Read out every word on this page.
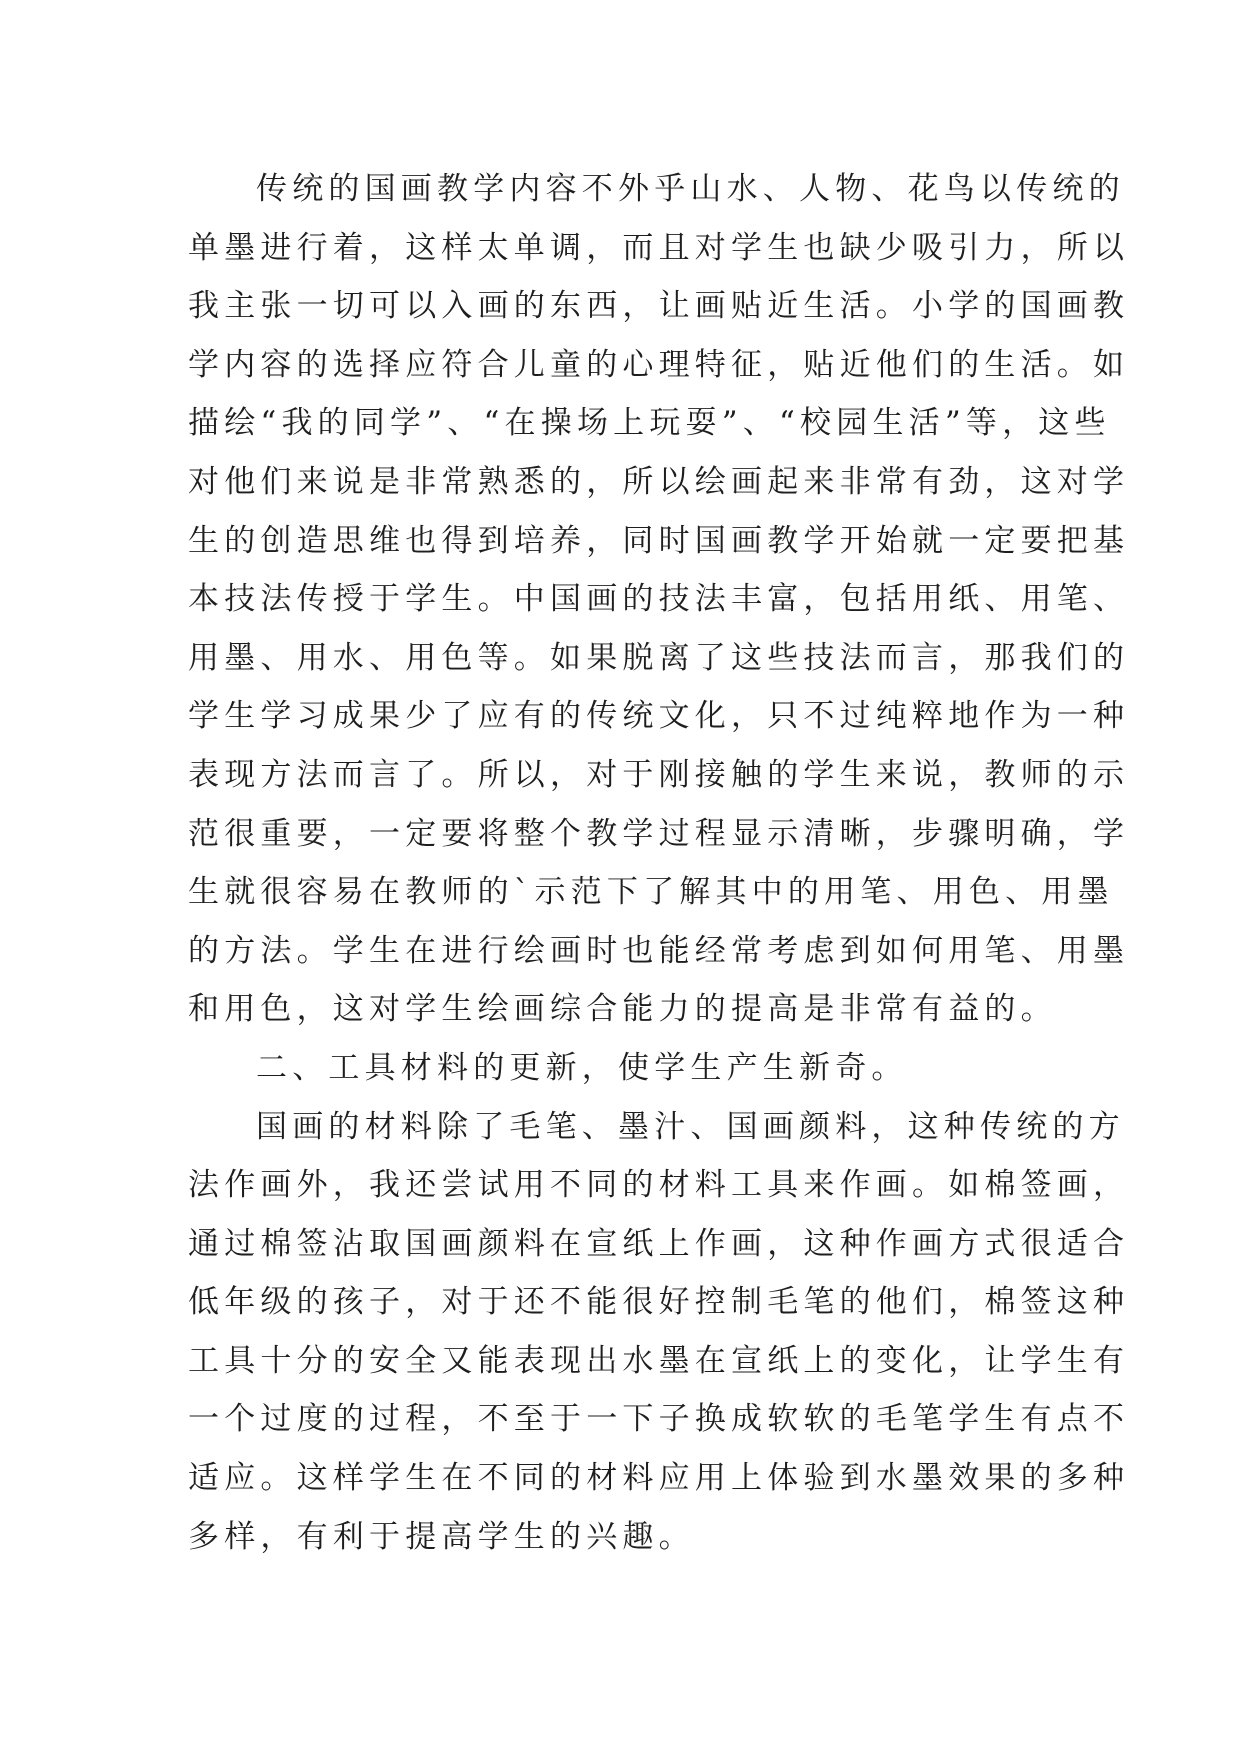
传统的国画教学内容不外乎山水、人物、花鸟以传统的
单墨进行着，这样太单调，而且对学生也缺少吸引力，所以
我主张一切可以入画的东西，让画贴近生活。小学的国画教
学内容的选择应符合儿童的心理特征，贴近他们的生活。如
描绘“我的同学”、“在操场上玩耍”、“校园生活”等，这些
对他们来说是非常熟悉的，所以绘画起来非常有劲，这对学
生的创造思维也得到培养，同时国画教学开始就一定要把基
本技法传授于学生。中国画的技法丰富，包括用纸、用笔、
用墨、用水、用色等。如果脱离了这些技法而言，那我们的
学生学习成果少了应有的传统文化，只不过纯粹地作为一种
表现方法而言了。所以，对于刚接触的学生来说，教师的示
范很重要，一定要将整个教学过程显示清晰，步骤明确，学
生就很容易在教师的`示范下了解其中的用笔、用色、用墨
的方法。学生在进行绘画时也能经常考虑到如何用笔、用墨
和用色，这对学生绘画综合能力的提高是非常有益的。
二、工具材料的更新，使学生产生新奇。
国画的材料除了毛笔、墨汁、国画颜料，这种传统的方
法作画外，我还尝试用不同的材料工具来作画。如棉签画，
通过棉签沾取国画颜料在宣纸上作画，这种作画方式很适合
低年级的孩子，对于还不能很好控制毛笔的他们，棉签这种
工具十分的安全又能表现出水墨在宣纸上的变化，让学生有
一个过度的过程，不至于一下子换成软软的毛笔学生有点不
适应。这样学生在不同的材料应用上体验到水墨效果的多种
多样，有利于提高学生的兴趣。
